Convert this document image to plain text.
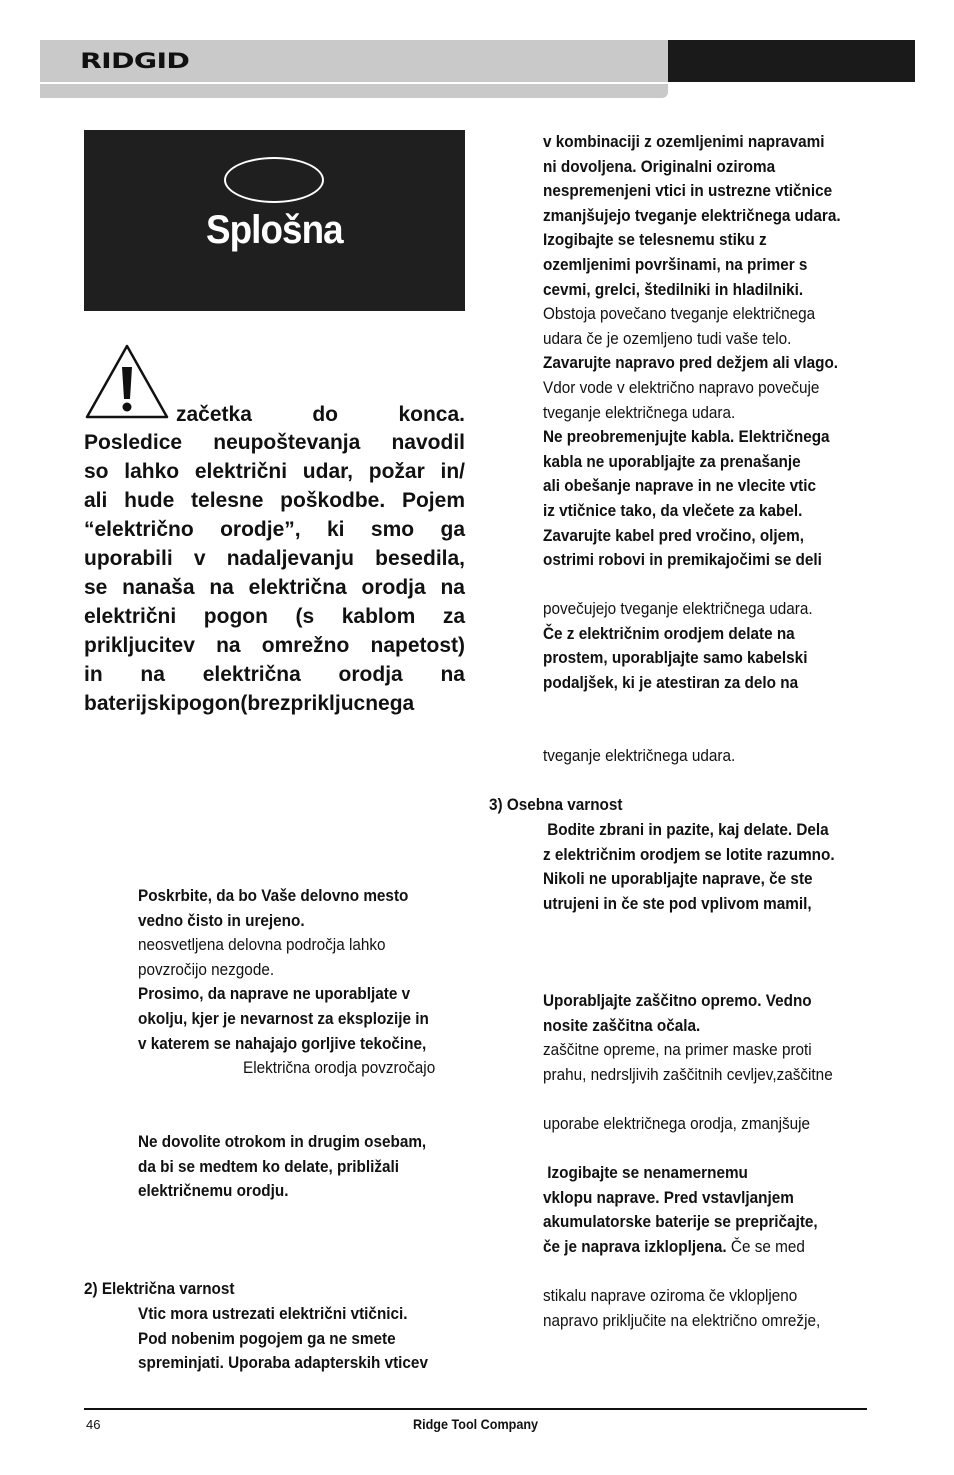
RIDGID
Splošna
začetka do konca.
Posledice neupoštevanja navodil
so lahko električni udar, požar in/
ali hude telesne poškodbe. Pojem
“električno orodje”, ki smo ga
uporabili v nadaljevanju besedila,
se nanaša na električna orodja na
električni pogon (s kablom za
prikljucitev na omrežno napetost)
in na električna orodja na
baterijskipogon(brezprikljucnega
Poskrbite, da bo Vaše delovno mesto
vedno čisto in urejeno.
neosvetljena delovna področja lahko
povzročijo nezgode.
Prosimo, da naprave ne uporabljate v
okolju, kjer je nevarnost za eksplozije in
v katerem se nahajajo gorljive tekočine,
Električna orodja povzročajo
Ne dovolite otrokom in drugim osebam,
da bi se medtem ko delate, približali
električnemu orodju.
2) Električna varnost
Vtic mora ustrezati električni vtičnici.
Pod nobenim pogojem ga ne smete
spreminjati. Uporaba adapterskih vticev
v kombinaciji z ozemljenimi napravami
ni dovoljena. Originalni oziroma
nespremenjeni vtici in ustrezne vtičnice
zmanjšujejo tveganje električnega udara.
Izogibajte se telesnemu stiku z
ozemljenimi površinami, na primer s
cevmi, grelci, štedilniki in hladilniki.
Obstoja povečano tveganje električnega
udara če je ozemljeno tudi vaše telo.
Zavarujte napravo pred dežjem ali vlago.
Vdor vode v električno napravo povečuje
tveganje električnega udara.
Ne preobremenjujte kabla. Električnega
kabla ne uporabljajte za prenašanje
ali obešanje naprave in ne vlecite vtic
iz vtičnice tako, da vlečete za kabel.
Zavarujte kabel pred vročino, oljem,
ostrimi robovi in premikajočimi se deli
povečujejo tveganje električnega udara.
Če z električnim orodjem delate na
prostem, uporabljajte samo kabelski
podaljšek, ki je atestiran za delo na
tveganje električnega udara.
3) Osebna varnost
Bodite zbrani in pazite, kaj delate. Dela
z električnim orodjem se lotite razumno.
Nikoli ne uporabljajte naprave, če ste
utrujeni in če ste pod vplivom mamil,
Uporabljajte zaščitno opremo. Vedno
nosite zaščitna očala.
zaščitne opreme, na primer maske proti
prahu, nedrsljivih zaščitnih cevljev,zaščitne
uporabe električnega orodja, zmanjšuje
Izogibajte se nenamernemu
vklopu naprave. Pred vstavljanjem
akumulatorske baterije se prepričajte,
če je naprava izklopljena. Če se med
stikalu naprave oziroma če vklopljeno
napravo priključite na električno omrežje,
46	Ridge Tool Company
